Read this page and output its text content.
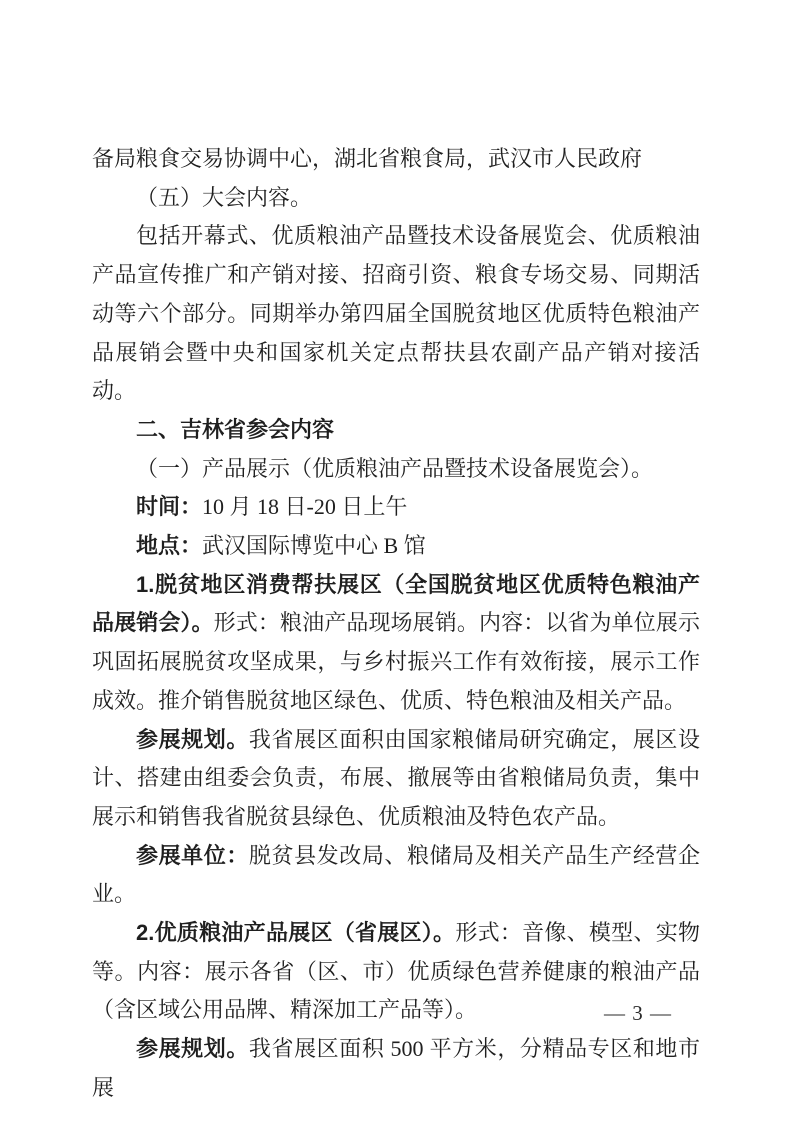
备局粮食交易协调中心，湖北省粮食局，武汉市人民政府

（五）大会内容。

包括开幕式、优质粮油产品暨技术设备展览会、优质粮油产品宣传推广和产销对接、招商引资、粮食专场交易、同期活动等六个部分。同期举办第四届全国脱贫地区优质特色粮油产品展销会暨中央和国家机关定点帮扶县农副产品产销对接活动。

二、吉林省参会内容

（一）产品展示（优质粮油产品暨技术设备展览会）。

时间：10 月 18 日-20 日上午

地点：武汉国际博览中心 B 馆

1.脱贫地区消费帮扶展区（全国脱贫地区优质特色粮油产品展销会）。形式：粮油产品现场展销。内容：以省为单位展示巩固拓展脱贫攻坚成果，与乡村振兴工作有效衔接，展示工作成效。推介销售脱贫地区绿色、优质、特色粮油及相关产品。

参展规划。我省展区面积由国家粮储局研究确定，展区设计、搭建由组委会负责，布展、撤展等由省粮储局负责，集中展示和销售我省脱贫县绿色、优质粮油及特色农产品。

参展单位：脱贫县发改局、粮储局及相关产品生产经营企业。

2.优质粮油产品展区（省展区）。形式：音像、模型、实物等。内容：展示各省（区、市）优质绿色营养健康的粮油产品（含区域公用品牌、精深加工产品等）。

参展规划。我省展区面积 500 平方米，分精品专区和地市展

— 3 —
